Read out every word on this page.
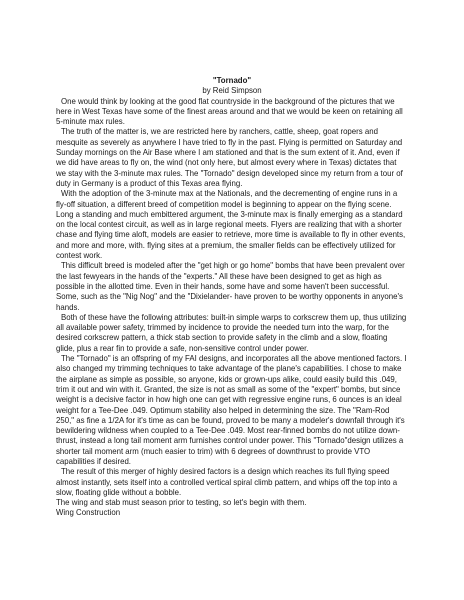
"Tornado"
by Reid Simpson

One would think by looking at the good flat countryside in the background of the pictures that we here in West Texas have some of the finest areas around and that we would be keen on retaining all 5-minute max rules.

The truth of the matter is, we are restricted here by ranchers, cattle, sheep, goat ropers and mesquite as severely as anywhere I have tried to fly in the past. Flying is permitted on Saturday and Sunday mornings on the Air Base where I am stationed and that is the sum extent of it. And, even if we did have areas to fly on, the wind (not only here, but almost every where in Texas) dictates that we stay with the 3-minute max rules. The "Tornado" design developed since my return from a tour of duty in Germany is a product of this Texas area flying.

With the adoption of the 3-minute max at the Nationals, and the decrementing of engine runs in a fly-off situation, a different breed of competition model is beginning to appear on the flying scene.

Long a standing and much embittered argument, the 3-minute max is finally emerging as a standard on the local contest circuit, as well as in large regional meets. Flyers are realizing that with a shorter chase and flying time aloft, models are easier to retrieve, more time is available to fly in other events, and more and more, with. flying sites at a premium, the smaller fields can be effectively utilized for contest work.

This difficult breed is modeled after the "get high or go home" bombs that have been prevalent over the last fewyears in the hands of the "experts." All these have been designed to get as high as possible in the allotted time. Even in their hands, some have and some haven't been successful. Some, such as the "Nig Nog" and the "Dixielander- have proven to be worthy opponents in anyone's hands.

Both of these have the following attributes: built-in simple warps to corkscrew them up, thus utilizing all available power safety, trimmed by incidence to provide the needed turn into the warp, for the desired corkscrew pattern, a thick stab section to provide safety in the climb and a slow, floating glide, plus a rear fin to provide a safe, non-sensitive control under power.

The "Tornado" is an offspring of my FAI designs, and incorporates all the above mentioned factors. I also changed my trimming techniques to take advantage of the plane's capabilities. I chose to make the airplane as simple as possible, so anyone, kids or grown-ups alike, could easily build this .049, trim it out and win with it. Granted, the size is not as small as some of the "expert" bombs, but since weight is a decisive factor in how high one can get with regressive engine runs, 6 ounces is an ideal weight for a Tee-Dee .049. Optimum stability also helped in determining the size. The "Ram-Rod 250," as fine a 1/2A for it's time as can be found, proved to be many a modeler's downfall through it's bewildering wildness when coupled to a Tee-Dee .049. Most rear-finned bombs do not utilize down-thrust, instead a long tail moment arm furnishes control under power. This "Tornado"design utilizes a shorter tail moment arm (much easier to trim) with 6 degrees of downthrust to provide VTO capabilities if desired.

The result of this merger of highly desired factors is a design which reaches its full flying speed almost instantly, sets itself into a controlled vertical spiral climb pattern, and whips off the top into a slow, floating glide without a bobble.

The wing and stab must season prior to testing, so let's begin with them.

Wing Construction
